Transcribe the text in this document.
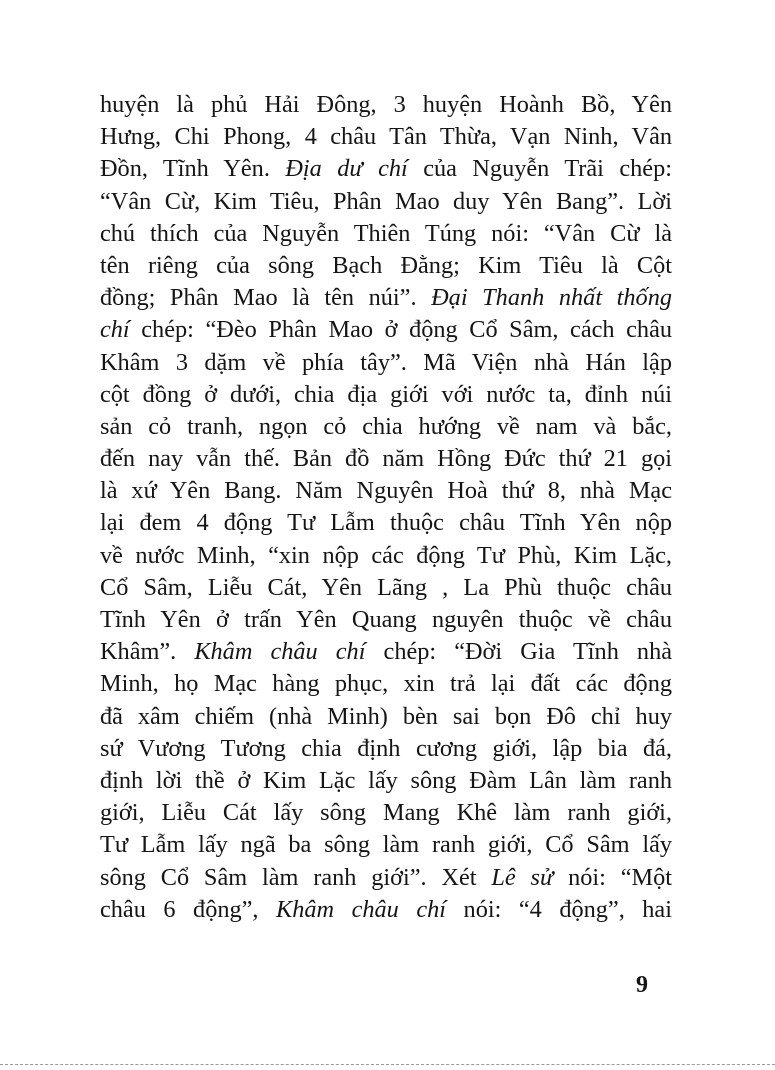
huyện là phủ Hải Đông, 3 huyện Hoành Bồ, Yên
Hưng, Chi Phong, 4 châu Tân Thừa, Vạn Ninh, Vân
Đồn, Tĩnh Yên. Địa dư chí của Nguyễn Trãi chép:
“Vân Cừ, Kim Tiêu, Phân Mao duy Yên Bang”. Lời
chú thích của Nguyễn Thiên Túng nói: “Vân Cừ là
tên riêng của sông Bạch Đằng; Kim Tiêu là Cột
đồng; Phân Mao là tên núi”. Đại Thanh nhất thống
chí chép: “Đèo Phân Mao ở động Cổ Sâm, cách châu
Khâm 3 dặm về phía tây”. Mã Viện nhà Hán lập
cột đồng ở dưới, chia địa giới với nước ta, đỉnh núi
sản cỏ tranh, ngọn cỏ chia hướng về nam và bắc,
đến nay vẫn thế. Bản đồ năm Hồng Đức thứ 21 gọi
là xứ Yên Bang. Năm Nguyên Hoà thứ 8, nhà Mạc
lại đem 4 động Tư Lẫm thuộc châu Tĩnh Yên nộp
về nước Minh, “xin nộp các động Tư Phù, Kim Lặc,
Cổ Sâm, Liễu Cát, Yên Lãng , La Phù thuộc châu
Tĩnh Yên ở trấn Yên Quang nguyên thuộc về châu
Khâm”. Khâm châu chí chép: “Đời Gia Tĩnh nhà
Minh, họ Mạc hàng phục, xin trả lại đất các động
đã xâm chiếm (nhà Minh) bèn sai bọn Đô chỉ huy
sứ Vương Tương chia định cương giới, lập bia đá,
định lời thề ở Kim Lặc lấy sông Đàm Lân làm ranh
giới, Liễu Cát lấy sông Mang Khê làm ranh giới,
Tư Lẫm lấy ngã ba sông làm ranh giới, Cổ Sâm lấy
sông Cổ Sâm làm ranh giới”. Xét Lê sử nói: “Một
châu 6 động”, Khâm châu chí nói: “4 động”, hai
9
